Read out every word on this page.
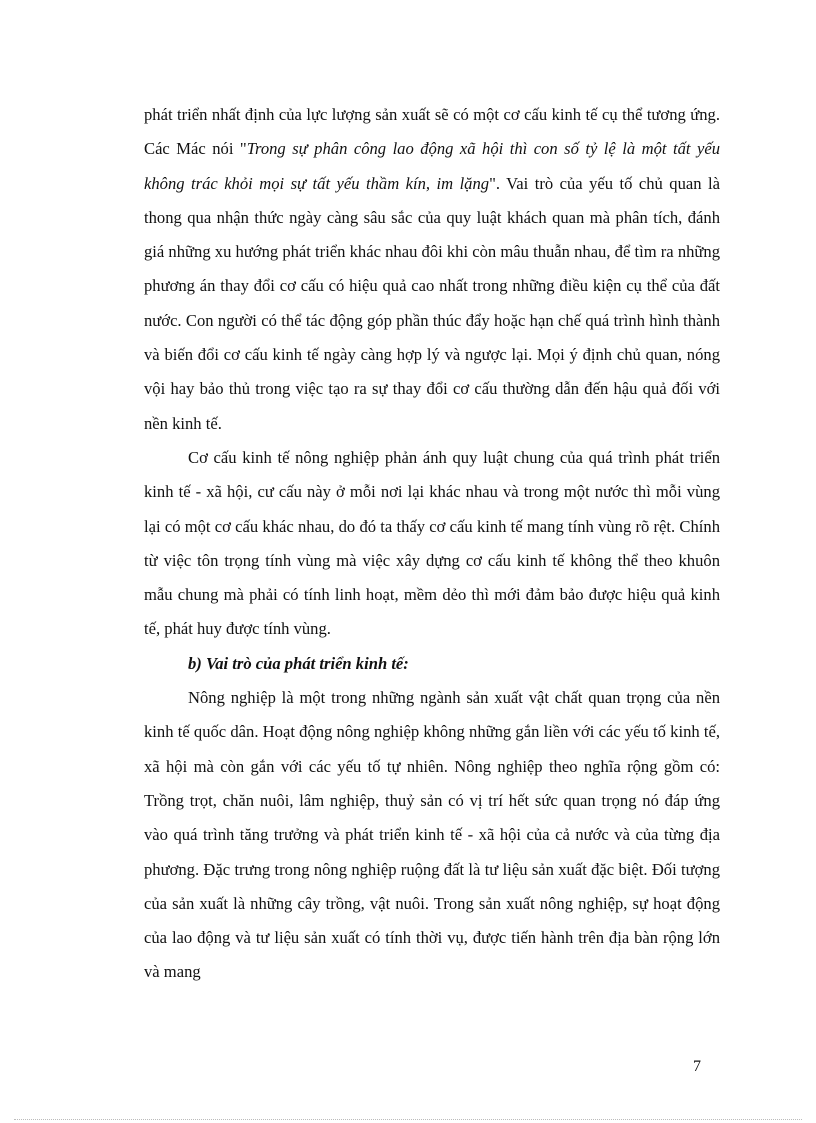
phát triển nhất định của lực lượng sản xuất sẽ có một cơ cấu kinh tế cụ thể tương ứng. Các Mác nói "Trong sự phân công lao động xã hội thì con số tỷ lệ là một tất yếu không trác khỏi mọi sự tất yếu thầm kín, im lặng". Vai trò của yếu tố chủ quan là thong qua nhận thức ngày càng sâu sắc của quy luật khách quan mà phân tích, đánh giá những xu hướng phát triển khác nhau đôi khi còn mâu thuẫn nhau, để tìm ra những phương án thay đổi cơ cấu có hiệu quả cao nhất trong những điều kiện cụ thể của đất nước. Con người có thể tác động góp phần thúc đẩy hoặc hạn chế quá trình hình thành và biến đổi cơ cấu kinh tế ngày càng hợp lý và ngược lại. Mọi ý định chủ quan, nóng vội hay bảo thủ trong việc tạo ra sự thay đổi cơ cấu thường dẫn đến hậu quả đối với nền kinh tế.

Cơ cấu kinh tế nông nghiệp phản ánh quy luật chung của quá trình phát triển kinh tế - xã hội, cư cấu này ở mỗi nơi lại khác nhau và trong một nước thì mỗi vùng lại có một cơ cấu khác nhau, do đó ta thấy cơ cấu kinh tế mang tính vùng rõ rệt. Chính từ việc tôn trọng tính vùng mà việc xây dựng cơ cấu kinh tế không thể theo khuôn mẫu chung mà phải có tính linh hoạt, mềm dẻo thì mới đảm bảo được hiệu quả kinh tế, phát huy được tính vùng.

b) Vai trò của phát triển kinh tế:

Nông nghiệp là một trong những ngành sản xuất vật chất quan trọng của nền kinh tế quốc dân. Hoạt động nông nghiệp không những gắn liền với các yếu tố kinh tế, xã hội mà còn gắn với các yếu tố tự nhiên. Nông nghiệp theo nghĩa rộng gồm có: Trồng trọt, chăn nuôi, lâm nghiệp, thuỷ sản có vị trí hết sức quan trọng nó đáp ứng vào quá trình tăng trưởng và phát triển kinh tế - xã hội của cả nước và của từng địa phương. Đặc trưng trong nông nghiệp ruộng đất là tư liệu sản xuất đặc biệt. Đối tượng của sản xuất là những cây trồng, vật nuôi. Trong sản xuất nông nghiệp, sự hoạt động của lao động và tư liệu sản xuất có tính thời vụ, được tiến hành trên địa bàn rộng lớn và mang

7
